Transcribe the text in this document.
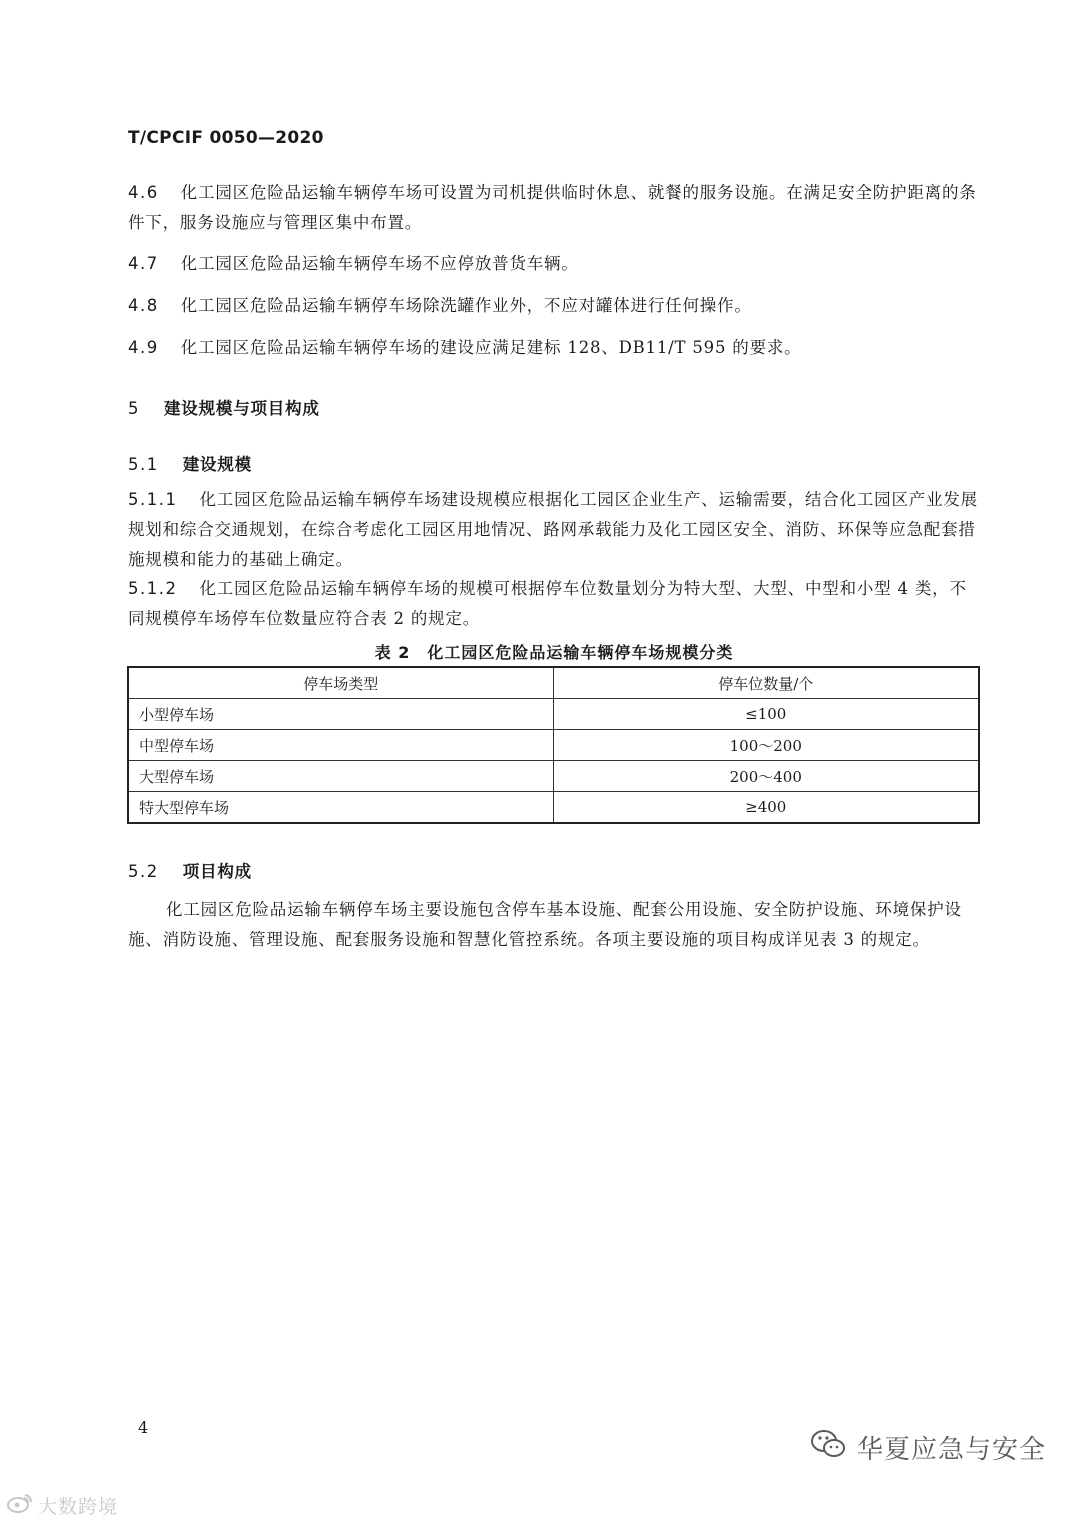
T/CPCIF 0050—2020
4.6 化工园区危险品运输车辆停车场可设置为司机提供临时休息、就餐的服务设施。在满足安全防护距离的条件下，服务设施应与管理区集中布置。
4.7 化工园区危险品运输车辆停车场不应停放普货车辆。
4.8 化工园区危险品运输车辆停车场除洗罐作业外，不应对罐体进行任何操作。
4.9 化工园区危险品运输车辆停车场的建设应满足建标 128、DB11/T 595 的要求。
5 建设规模与项目构成
5.1 建设规模
5.1.1 化工园区危险品运输车辆停车场建设规模应根据化工园区企业生产、运输需要，结合化工园区产业发展规划和综合交通规划，在综合考虑化工园区用地情况、路网承载能力及化工园区安全、消防、环保等应急配套措施规模和能力的基础上确定。
5.1.2 化工园区危险品运输车辆停车场的规模可根据停车位数量划分为特大型、大型、中型和小型 4 类，不同规模停车场停车位数量应符合表 2 的规定。
表 2　化工园区危险品运输车辆停车场规模分类
停车场类型	停车位数量/个
小型停车场	≤100
中型停车场	100～200
大型停车场	200～400
特大型停车场	≥400
5.2 项目构成
化工园区危险品运输车辆停车场主要设施包含停车基本设施、配套公用设施、安全防护设施、环境保护设施、消防设施、管理设施、配套服务设施和智慧化管控系统。各项主要设施的项目构成详见表 3 的规定。
4
大数跨境
华夏应急与安全
